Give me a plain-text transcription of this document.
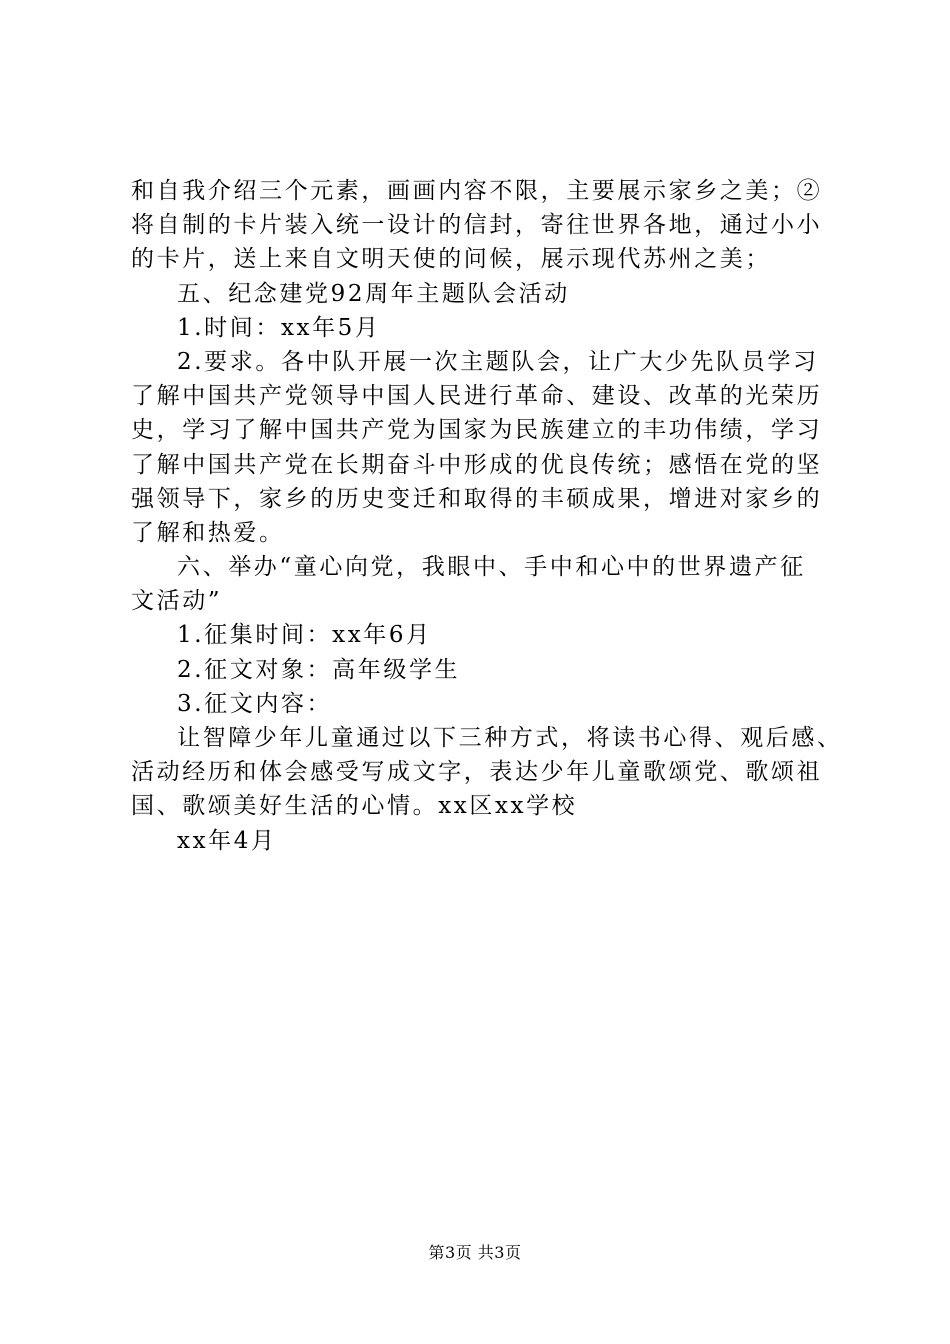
和自我介绍三个元素，画画内容不限，主要展示家乡之美；②
将自制的卡片装入统一设计的信封，寄往世界各地，通过小小
的卡片，送上来自文明天使的问候，展示现代苏州之美；
五、纪念建党92周年主题队会活动
1.时间：xx年5月
2.要求。各中队开展一次主题队会，让广大少先队员学习
了解中国共产党领导中国人民进行革命、建设、改革的光荣历
史，学习了解中国共产党为国家为民族建立的丰功伟绩，学习
了解中国共产党在长期奋斗中形成的优良传统；感悟在党的坚
强领导下，家乡的历史变迁和取得的丰硕成果，增进对家乡的
了解和热爱。
六、举办“童心向党，我眼中、手中和心中的世界遗产征
文活动”
1.征集时间：xx年6月
2.征文对象：高年级学生
3.征文内容：
让智障少年儿童通过以下三种方式，将读书心得、观后感、
活动经历和体会感受写成文字，表达少年儿童歌颂党、歌颂祖
国、歌颂美好生活的心情。xx区xx学校
xx年4月
第3页 共3页
